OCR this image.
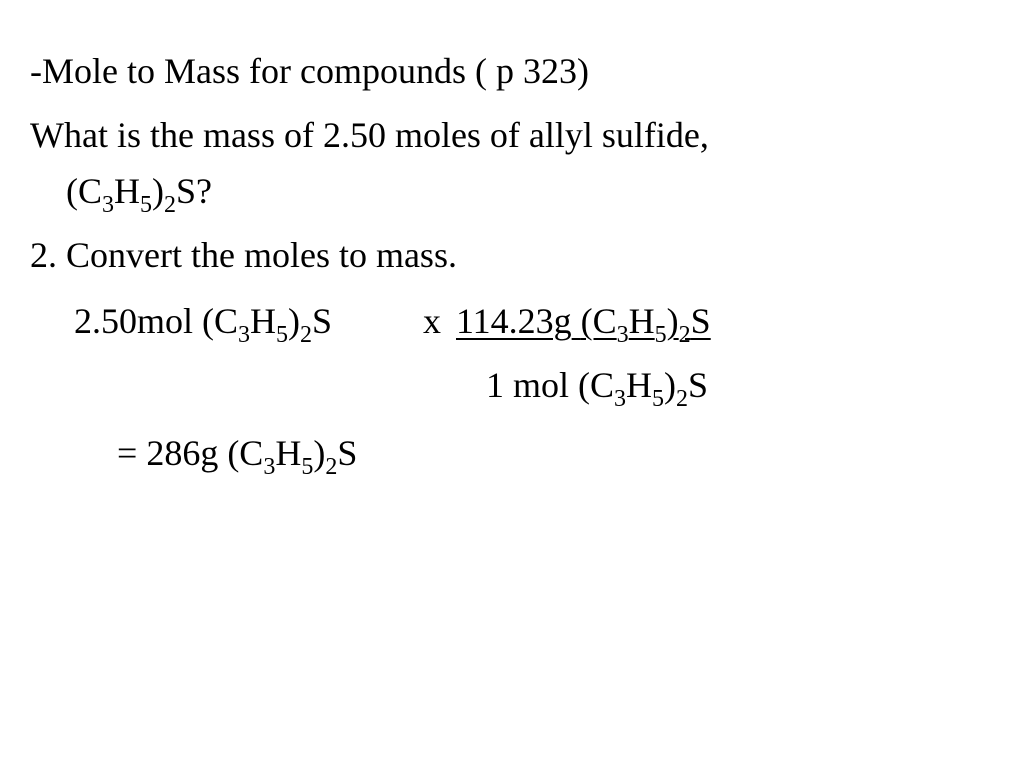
-Mole to Mass for compounds ( p 323)
What is the mass of 2.50 moles of allyl sulfide,
$(C_3H_5)_2S$?
2. Convert the moles to mass.
2.50mol $(C_3H_5)_2S$	x 114.23g $(C_3H_5)_2S$
1 mol $(C_3H_5)_2S$
= 286g $(C_3H_5)_2S$
